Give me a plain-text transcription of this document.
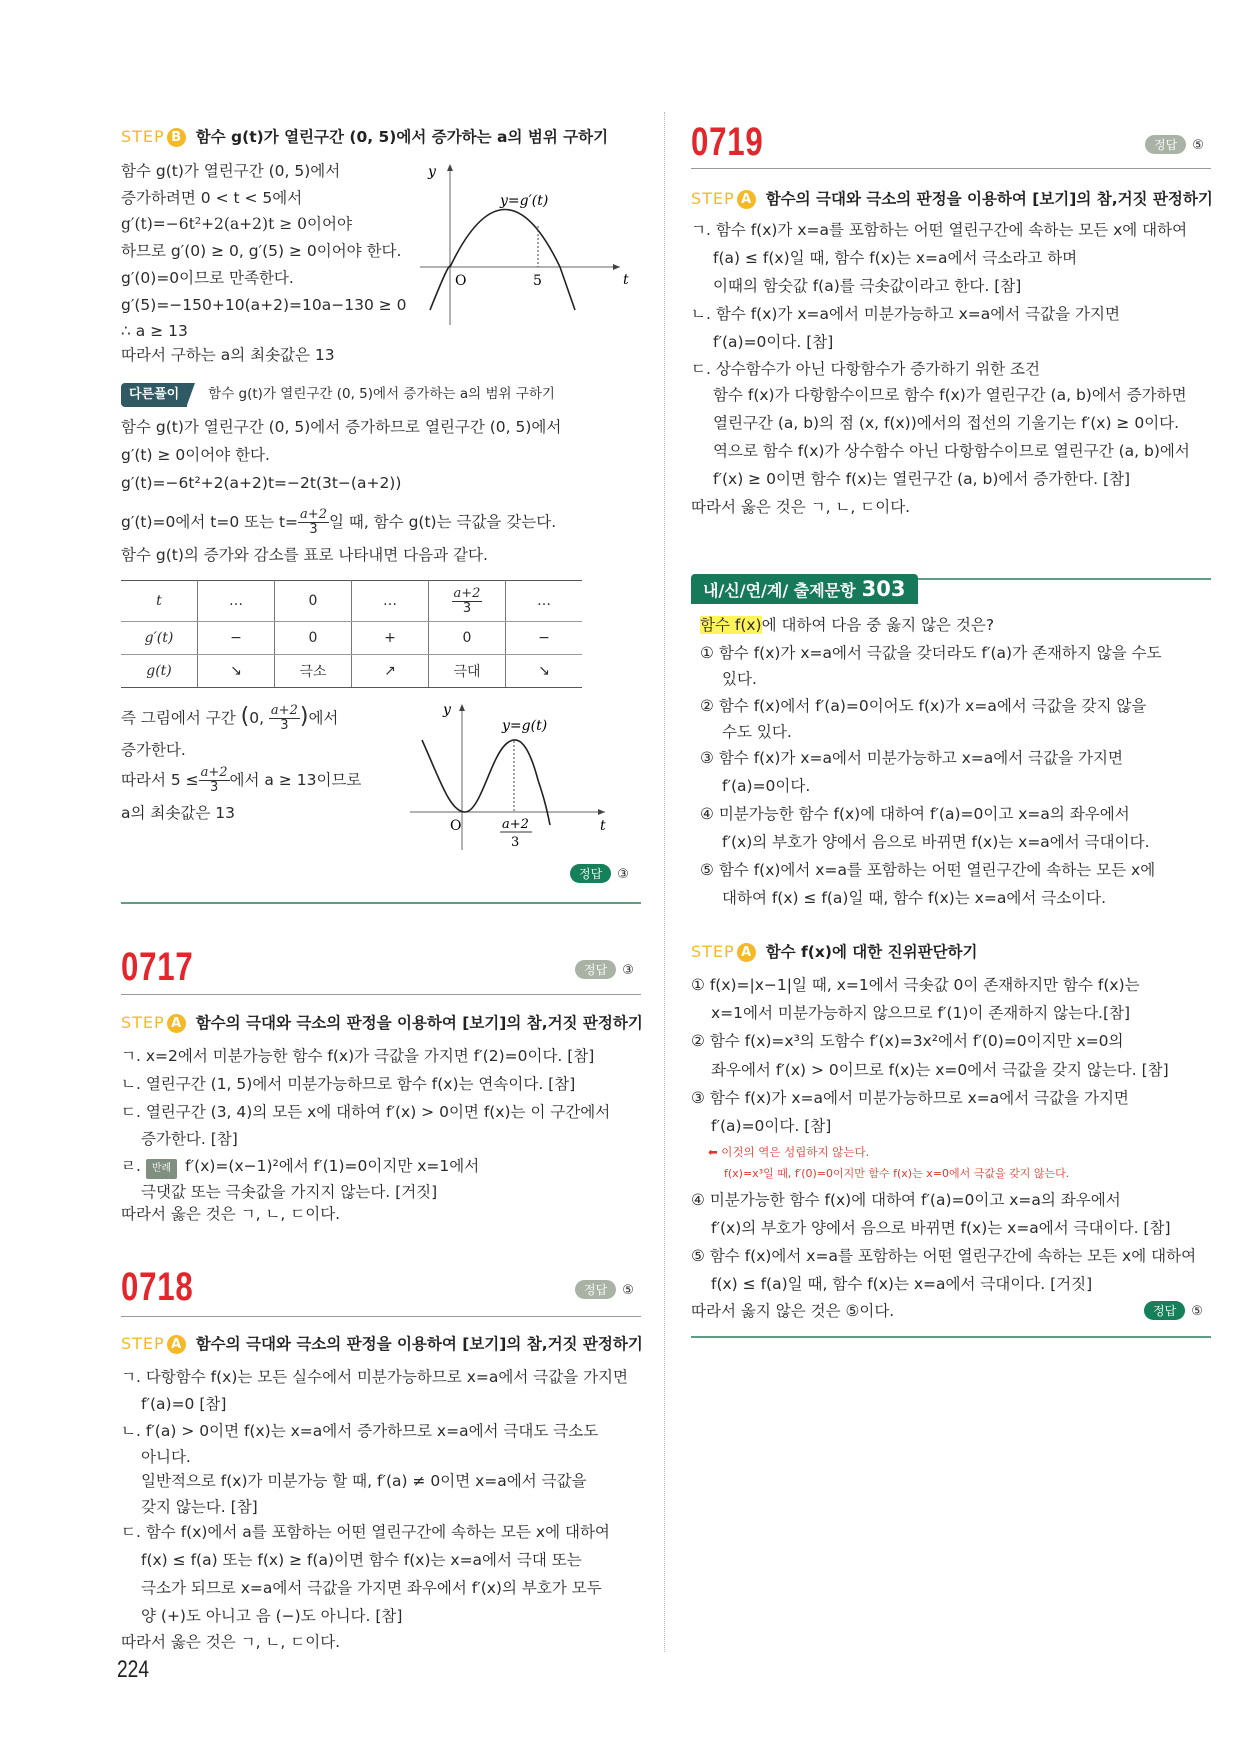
STEP B 함수 g(t)가 열린구간 (0, 5)에서 증가하는 a의 범위 구하기
함수 g(t)가 열린구간 (0, 5)에서
증가하려면 0 < t < 5에서
g′(t)=−6t²+2(a+2)t ≥ 0이어야
하므로 g′(0) ≥ 0, g′(5) ≥ 0이어야 한다.
g′(0)=0이므로 만족한다.
g′(5)=−150+10(a+2)=10a−130 ≥ 0
∴ a ≥ 13
따라서 구하는 a의 최솟값은 13
y
t
O	5
y=g′(t)
다른풀이 함수 g(t)가 열린구간 (0, 5)에서 증가하는 a의 범위 구하기
함수 g(t)가 열린구간 (0, 5)에서 증가하므로 열린구간 (0, 5)에서
g′(t) ≥ 0이어야 한다.
g′(t)=−6t²+2(a+2)t=−2t(3t−(a+2))
g′(t)=0에서 t=0 또는 $t= \frac{a+2}{3}$ 일 때, 함수 g(t)는 극값을 갖는다.
함수 g(t)의 증가와 감소를 표로 나타내면 다음과 같다.
t	…	0	…	$\frac{a+2}{3}$	…
g′(t)	−	0	+	0	−
g(t)	↘	극소	↗	극대	↘
즉 그림에서 구간 (0, $\frac{a+2}{3}$ )에서
증가한다.
따라서 $5 \le \frac{a+2}{3}$ 에서 a ≥ 13이므로
a의 최솟값은 13
y
t
O	a+2
3
y=g(t)
정답 ③
0717	정답 ③
STEP A 함수의 극대와 극소의 판정을 이용하여 [보기]의 참,거짓 판정하기
ㄱ. x=2에서 미분가능한 함수 f(x)가 극값을 가지면 f′(2)=0이다. [참]
ㄴ. 열린구간 (1, 5)에서 미분가능하므로 함수 f(x)는 연속이다. [참]
ㄷ. 열린구간 (3, 4)의 모든 x에 대하여 f′(x) > 0이면 f(x)는 이 구간에서
증가한다. [참]
ㄹ. 반례 f′(x)=(x−1)²에서 f′(1)=0이지만 x=1에서
극댓값 또는 극솟값을 가지지 않는다. [거짓]
따라서 옳은 것은 ㄱ, ㄴ, ㄷ이다.
0718	정답 ⑤
STEP A 함수의 극대와 극소의 판정을 이용하여 [보기]의 참,거짓 판정하기
ㄱ. 다항함수 f(x)는 모든 실수에서 미분가능하므로 x=a에서 극값을 가지면
f′(a)=0 [참]
ㄴ. f′(a) > 0이면 f(x)는 x=a에서 증가하므로 x=a에서 극대도 극소도
아니다.
일반적으로 f(x)가 미분가능 할 때, f′(a) ≠ 0이면 x=a에서 극값을
갖지 않는다. [참]
ㄷ. 함수 f(x)에서 a를 포함하는 어떤 열린구간에 속하는 모든 x에 대하여
f(x) ≤ f(a) 또는 f(x) ≥ f(a)이면 함수 f(x)는 x=a에서 극대 또는
극소가 되므로 x=a에서 극값을 가지면 좌우에서 f′(x)의 부호가 모두
양 (+)도 아니고 음 (−)도 아니다. [참]
따라서 옳은 것은 ㄱ, ㄴ, ㄷ이다.
224
0719	정답 ⑤
STEP A 함수의 극대와 극소의 판정을 이용하여 [보기]의 참,거짓 판정하기
ㄱ. 함수 f(x)가 x=a를 포함하는 어떤 열린구간에 속하는 모든 x에 대하여
f(a) ≤ f(x)일 때, 함수 f(x)는 x=a에서 극소라고 하며
이때의 함숫값 f(a)를 극솟값이라고 한다. [참]
ㄴ. 함수 f(x)가 x=a에서 미분가능하고 x=a에서 극값을 가지면
f′(a)=0이다. [참]
ㄷ. 상수함수가 아닌 다항함수가 증가하기 위한 조건
함수 f(x)가 다항함수이므로 함수 f(x)가 열린구간 (a, b)에서 증가하면
열린구간 (a, b)의 점 (x, f(x))에서의 접선의 기울기는 f′(x) ≥ 0이다.
역으로 함수 f(x)가 상수함수 아닌 다항함수이므로 열린구간 (a, b)에서
f′(x) ≥ 0이면 함수 f(x)는 열린구간 (a, b)에서 증가한다. [참]
따라서 옳은 것은 ㄱ, ㄴ, ㄷ이다.
내/신/연/계/ 출제문항 303
함수 f(x)에 대하여 다음 중 옳지 않은 것은?
① 함수 f(x)가 x=a에서 극값을 갖더라도 f′(a)가 존재하지 않을 수도
있다.
② 함수 f(x)에서 f′(a)=0이어도 f(x)가 x=a에서 극값을 갖지 않을
수도 있다.
③ 함수 f(x)가 x=a에서 미분가능하고 x=a에서 극값을 가지면
f′(a)=0이다.
④ 미분가능한 함수 f(x)에 대하여 f′(a)=0이고 x=a의 좌우에서
f′(x)의 부호가 양에서 음으로 바뀌면 f(x)는 x=a에서 극대이다.
⑤ 함수 f(x)에서 x=a를 포함하는 어떤 열린구간에 속하는 모든 x에
대하여 f(x) ≤ f(a)일 때, 함수 f(x)는 x=a에서 극소이다.
STEP A 함수 f(x)에 대한 진위판단하기
① f(x)=|x−1|일 때, x=1에서 극솟값 0이 존재하지만 함수 f(x)는
x=1에서 미분가능하지 않으므로 f′(1)이 존재하지 않는다.[참]
② 함수 f(x)=x³의 도함수 f′(x)=3x²에서 f′(0)=0이지만 x=0의
좌우에서 f′(x) > 0이므로 f(x)는 x=0에서 극값을 갖지 않는다. [참]
③ 함수 f(x)가 x=a에서 미분가능하므로 x=a에서 극값을 가지면
f′(a)=0이다. [참]
⬅ 이것의 역은 성립하지 않는다.
f(x)=x³일 때, f′(0)=0이지만 함수 f(x)는 x=0에서 극값을 갖지 않는다.
④ 미분가능한 함수 f(x)에 대하여 f′(a)=0이고 x=a의 좌우에서
f′(x)의 부호가 양에서 음으로 바뀌면 f(x)는 x=a에서 극대이다. [참]
⑤ 함수 f(x)에서 x=a를 포함하는 어떤 열린구간에 속하는 모든 x에 대하여
f(x) ≤ f(a)일 때, 함수 f(x)는 x=a에서 극대이다. [거짓]
따라서 옳지 않은 것은 ⑤이다.	정답 ⑤
